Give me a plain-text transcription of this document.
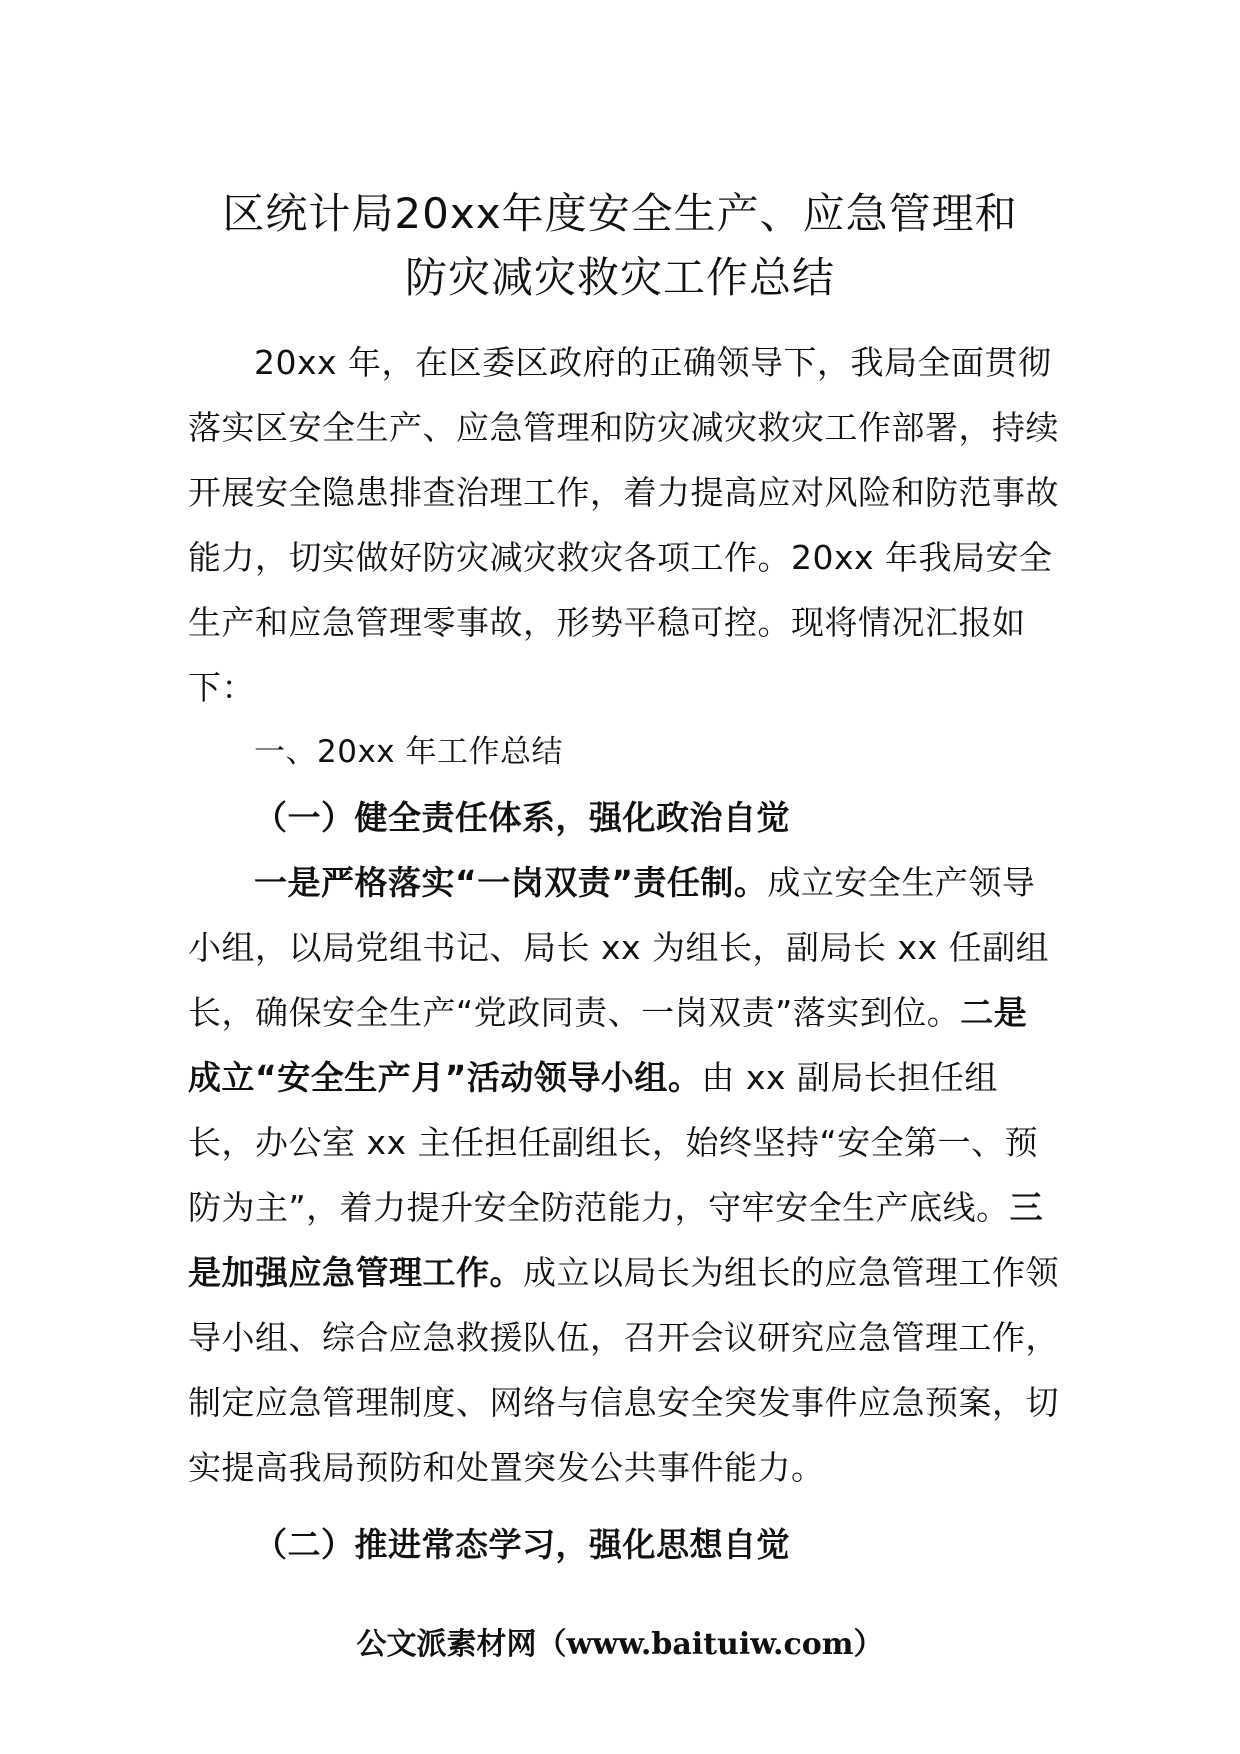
区统计局20xx年度安全生产、应急管理和
防灾减灾救灾工作总结

20xx 年，在区委区政府的正确领导下，我局全面贯彻落实区安全生产、应急管理和防灾减灾救灾工作部署，持续开展安全隐患排查治理工作，着力提高应对风险和防范事故能力，切实做好防灾减灾救灾各项工作。20xx 年我局安全生产和应急管理零事故，形势平稳可控。现将情况汇报如下：

一、20xx 年工作总结

（一）健全责任体系，强化政治自觉

一是严格落实“一岗双责”责任制。成立安全生产领导小组，以局党组书记、局长 xx 为组长，副局长 xx 任副组长，确保安全生产“党政同责、一岗双责”落实到位。二是成立“安全生产月”活动领导小组。由 xx 副局长担任组长，办公室 xx 主任担任副组长，始终坚持“安全第一、预防为主”，着力提升安全防范能力，守牢安全生产底线。三是加强应急管理工作。成立以局长为组长的应急管理工作领导小组、综合应急救援队伍，召开会议研究应急管理工作，制定应急管理制度、网络与信息安全突发事件应急预案，切实提高我局预防和处置突发公共事件能力。

（二）推进常态学习，强化思想自觉

公文派素材网（www.baituiw.com）
